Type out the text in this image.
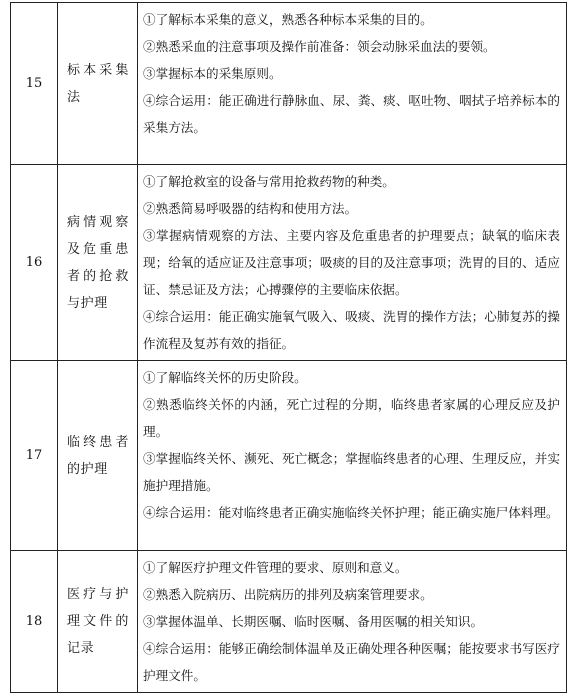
15	标本采集法	①了解标本采集的意义，熟悉各种标本采集的目的。
②熟悉采血的注意事项及操作前准备：领会动脉采血法的要领。
③掌握标本的采集原则。
④综合运用：能正确进行静脉血、尿、粪、痰、呕吐物、咽拭子培养标本的采集方法。

16	病情观察及危重患者的抢救与护理	①了解抢救室的设备与常用抢救药物的种类。
②熟悉简易呼吸器的结构和使用方法。
③掌握病情观察的方法、主要内容及危重患者的护理要点；缺氧的临床表现；给氧的适应证及注意事项；吸痰的目的及注意事项；洗胃的目的、适应证、禁忌证及方法；心搏骤停的主要临床依据。
④综合运用：能正确实施氧气吸入、吸痰、洗胃的操作方法；心肺复苏的操作流程及复苏有效的指征。

17	临终患者的护理	①了解临终关怀的历史阶段。
②熟悉临终关怀的内涵，死亡过程的分期，临终患者家属的心理反应及护理。
③掌握临终关怀、濒死、死亡概念；掌握临终患者的心理、生理反应，并实施护理措施。
④综合运用：能对临终患者正确实施临终关怀护理；能正确实施尸体料理。

18	医疗与护理文件的记录	①了解医疗护理文件管理的要求、原则和意义。
②熟悉入院病历、出院病历的排列及病案管理要求。
③掌握体温单、长期医嘱、临时医嘱、备用医嘱的相关知识。
④综合运用：能够正确绘制体温单及正确处理各种医嘱；能按要求书写医疗护理文件。
